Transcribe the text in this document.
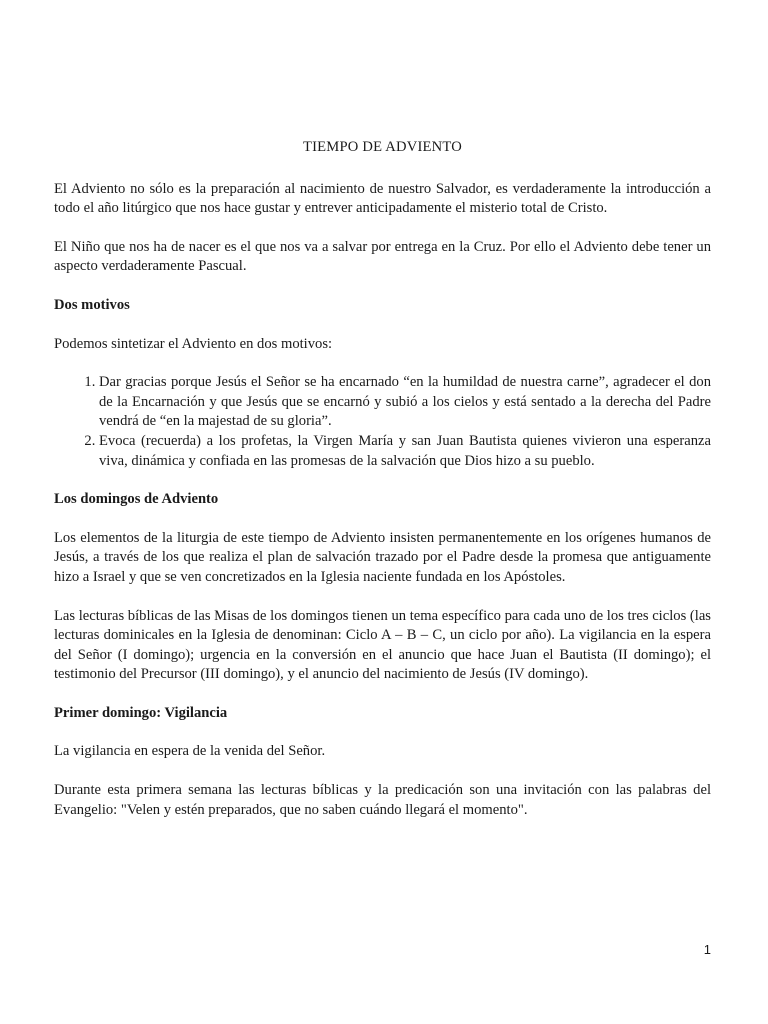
TIEMPO DE ADVIENTO

El Adviento no sólo es la preparación al nacimiento de nuestro Salvador, es verdaderamente la introducción a todo el año litúrgico que nos hace gustar y entrever anticipadamente el misterio total de Cristo.

El Niño que nos ha de nacer es el que nos va a salvar por entrega en la Cruz. Por ello el Adviento debe tener un aspecto verdaderamente Pascual.

Dos motivos

Podemos sintetizar el Adviento en dos motivos:

1. Dar gracias porque Jesús el Señor se ha encarnado “en la humildad de nuestra carne”, agradecer el don de la Encarnación y que Jesús que se encarnó y subió a los cielos y está sentado a la derecha del Padre vendrá de “en la majestad de su gloria”.
2. Evoca (recuerda) a los profetas, la Virgen María y san Juan Bautista quienes vivieron una esperanza viva, dinámica y confiada en las promesas de la salvación que Dios hizo a su pueblo.
Los domingos de Adviento

Los elementos de la liturgia de este tiempo de Adviento insisten permanentemente en los orígenes humanos de Jesús, a través de los que realiza el plan de salvación trazado por el Padre desde la promesa que antiguamente hizo a Israel y que se ven concretizados en la Iglesia naciente fundada en los Apóstoles.

Las lecturas bíblicas de las Misas de los domingos tienen un tema específico para cada uno de los tres ciclos (las lecturas dominicales en la Iglesia de denominan: Ciclo A – B – C, un ciclo por año). La vigilancia en la espera del Señor (I domingo); urgencia en la conversión en el anuncio que hace Juan el Bautista (II domingo); el testimonio del Precursor (III domingo), y el anuncio del nacimiento de Jesús (IV domingo).

Primer domingo: Vigilancia

La vigilancia en espera de la venida del Señor.

Durante esta primera semana las lecturas bíblicas y la predicación son una invitación con las palabras del Evangelio: "Velen y estén preparados, que no saben cuándo llegará el momento".

1
